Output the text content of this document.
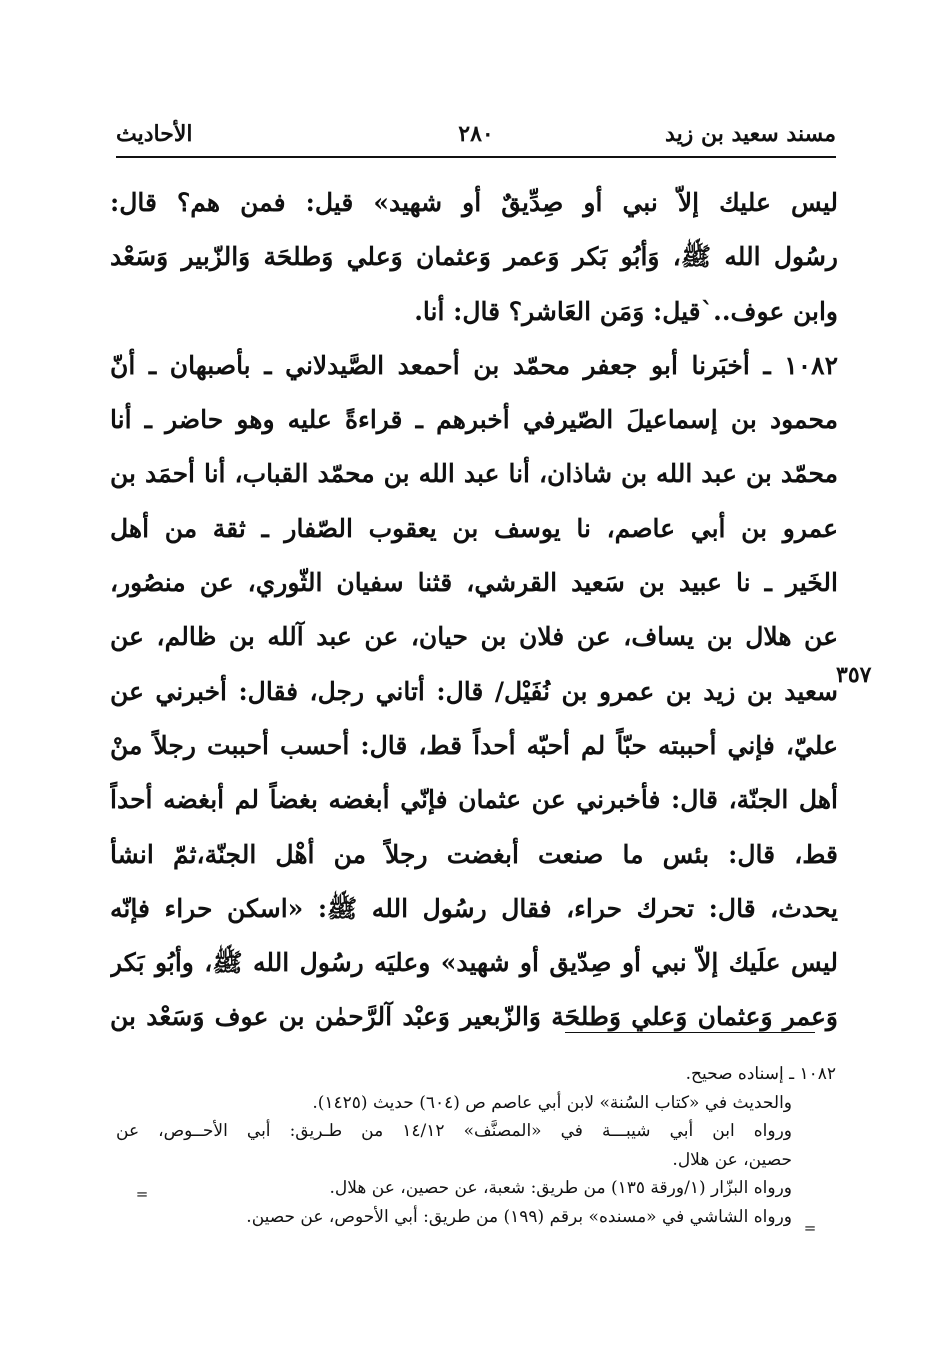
مسند سعيد بن زيد
٢٨٠
الأحاديث
ليس عليك إلاّ نبي أو صِدِّيقٌ أو شهيد» قيل: فمن هم؟ قال:
رسُول الله ﷺ، وَأبُو بَكر وَعمر وَعثمان وَعلي وَطلحَة وَالزّبير وَسَعْد
وابن عوف..`قيل: وَمَن العَاشر؟ قال: أنا.
١٠٨٢ ـ أخبَرنا أبو جعفر محمّد بن أحمعد الصَّيدلاني ـ بأصبهان ـ أنّ
محمود بن إسماعيلَ الصّيرفي أخبرهم ـ قراءةً عليه وهو حاضر ـ أنا
محمّد بن عبد الله بن شاذان، أنا عبد الله بن محمّد القباب، أنا أحمَد بن
عمرو بن أبي عاصم، نا يوسف بن يعقوب الصّفار ـ ثقة من أهل
الخَير ـ نا عبيد بن سَعيد القرشي، قثنا سفيان الثّوري، عن منصُور،
عن هلال بن يساف، عن فلان بن حيان، عن عبد آلله بن ظالم، عن
سعيد بن زيد بن عمرو بن نُفَيْل/ قال: أتاني رجل، فقال: أخبرني عن
عليّ، فإني أحببته حبّاً لم أحبّه أحداً قط، قال: أحسب أحببت رجلاً منْ
أهل الجنّة، قال: فأخبرني عن عثمان فإنّي أبغضه بغضاً لم أبغضه أحداً
قط، قال: بئس ما صنعت أبغضت رجلاً من أهْل الجنّة،ثمّ انشأ
يحدث، قال: تحرك حراء، فقال رسُول الله ﷺ: «اسكن حراء فإنّه
ليس علَيك إلاّ نبي أو صِدّيق أو شهيد» وعليَه رسُول الله ﷺ، وأبُو بَكر
وَعمر وَعثمان وَعلي وَطلحَة وَالزّبعير وَعبْد آلرَّحمٰن بن عوف وَسَعْد بن
٣٥٧
١٠٨٢ ـ إسناده صحيح.
والحديث في «كتاب السُنة» لابن أبي عاصم ص (٦٠٤) حديث (١٤٢٥).
ورواه ابن أبي شيبـــة في «المصنَّف» ١٤/١٢ من طـريق: أبي الأحــوص، عن
حصين، عن هلال.
ورواه البزّار (١/ورقة ١٣٥) من طريق: شعبة، عن حصين، عن هلال.
ورواه الشاشي في «مسنده» برقم (١٩٩) من طريق: أبي الأحوص، عن حصين.
=
=
